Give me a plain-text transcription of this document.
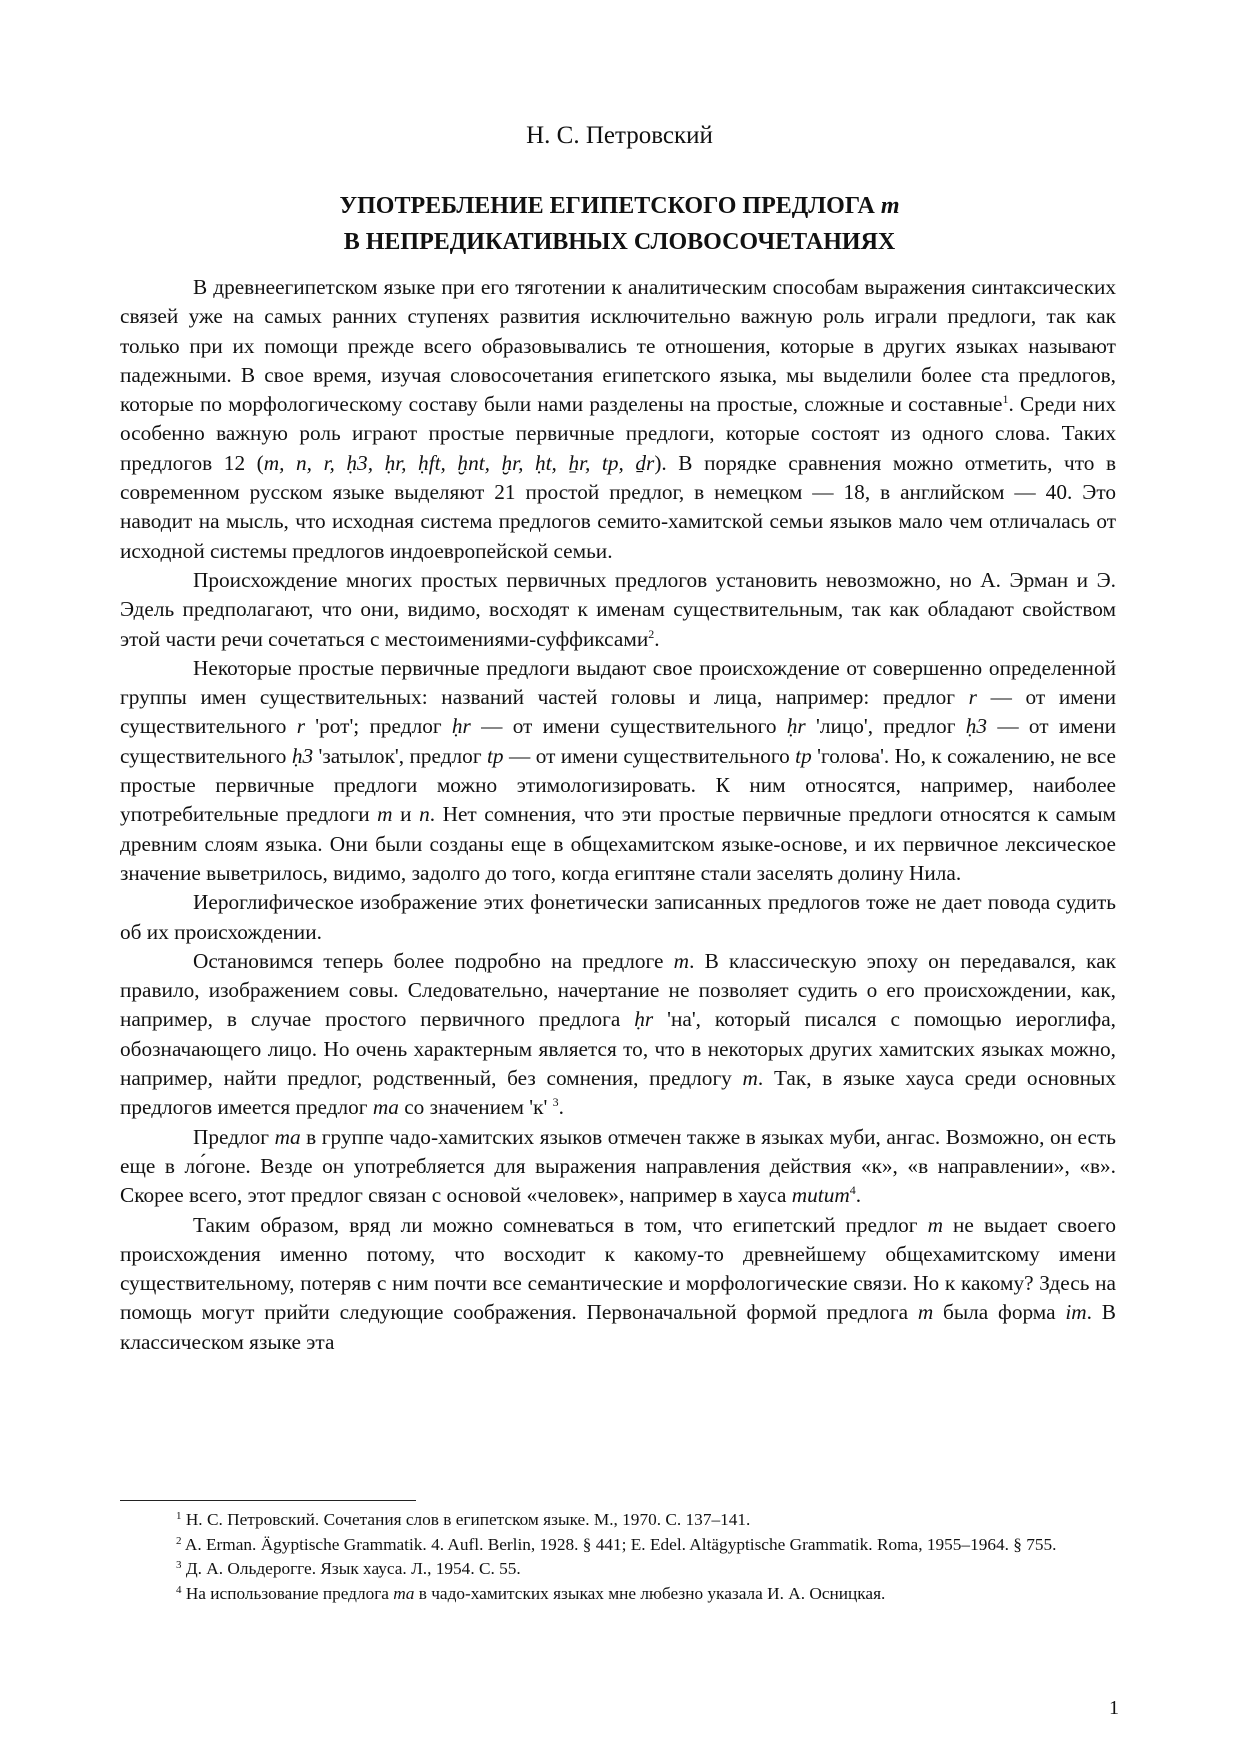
Н. С. Петровский
УПОТРЕБЛЕНИЕ ЕГИПЕТСКОГО ПРЕДЛОГА m
В НЕПРЕДИКАТИВНЫХ СЛОВОСОЧЕТАНИЯХ

В древнеегипетском языке при его тяготении к аналитическим способам выражения синтаксических связей уже на самых ранних ступенях развития исключительно важную роль играли предлоги, так как только при их помощи прежде всего образовывались те отношения, которые в других языках называют падежными. В свое время, изучая словосочетания египетского языка, мы выделили более ста предлогов, которые по морфологическому составу были нами разделены на простые, сложные и составные$^1$. Среди них особенно важную роль играют простые первичные предлоги, которые состоят из одного слова. Таких предлогов 12 (m, n, r, ḥ3, ḥr, ḥft, ḫnt, ḫr, ḥt, ẖr, tp, ḏr). В порядке сравнения можно отметить, что в современном русском языке выделяют 21 простой предлог, в немецком — 18, в английском — 40. Это наводит на мысль, что исходная система предлогов семито-хамитской семьи языков мало чем отличалась от исходной системы предлогов индоевропейской семьи.

Происхождение многих простых первичных предлогов установить невозможно, но А. Эрман и Э. Эдель предполагают, что они, видимо, восходят к именам существительным, так как обладают свойством этой части речи сочетаться с местоимениями-суффиксами$^2$.

Некоторые простые первичные предлоги выдают свое происхождение от совершенно определенной группы имен существительных: названий частей головы и лица, например: предлог r — от имени существительного r 'рот'; предлог ḥr — от имени существительного ḥr 'лицо', предлог ḥ3 — от имени существительного ḥ3 'затылок', предлог tp — от имени существительного tp 'голова'. Но, к сожалению, не все простые первичные предлоги можно этимологизировать. К ним относятся, например, наиболее употребительные предлоги m и n. Нет сомнения, что эти простые первичные предлоги относятся к самым древним слоям языка. Они были созданы еще в общехамитском языке-основе, и их первичное лексическое значение выветрилось, видимо, задолго до того, когда египтяне стали заселять долину Нила.

Иероглифическое изображение этих фонетически записанных предлогов тоже не дает повода судить об их происхождении.

Остановимся теперь более подробно на предлоге m. В классическую эпоху он передавался, как правило, изображением совы. Следовательно, начертание не позволяет судить о его происхождении, как, например, в случае простого первичного предлога ḥr 'на', который писался с помощью иероглифа, обозначающего лицо. Но очень характерным является то, что в некоторых других хамитских языках можно, например, найти предлог, родственный, без сомнения, предлогу m. Так, в языке хауса среди основных предлогов имеется предлог ma со значением 'к' $^3$.

Предлог ma в группе чадо-хамитских языков отмечен также в языках муби, ангас. Возможно, он есть еще в ло́гоне. Везде он употребляется для выражения направления действия «к», «в направлении», «в». Скорее всего, этот предлог связан с основой «человек», например в хауса mutum$^4$.

Таким образом, вряд ли можно сомневаться в том, что египетский предлог m не выдает своего происхождения именно потому, что восходит к какому-то древнейшему общехамитскому имени существительному, потеряв с ним почти все семантические и морфологические связи. Но к какому? Здесь на помощь могут прийти следующие соображения. Первоначальной формой предлога m была форма im. В классическом языке эта

$^1$ Н. С. Петровский. Сочетания слов в египетском языке. М., 1970. С. 137–141.

$^2$ A. Erman. Ägyptische Grammatik. 4. Aufl. Berlin, 1928. § 441; E. Edel. Altägyptische Grammatik. Roma, 1955–1964. § 755.

$^3$ Д. А. Ольдерогге. Язык хауса. Л., 1954. С. 55.

$^4$ На использование предлога ma в чадо-хамитских языках мне любезно указала И. А. Осницкая.

1
